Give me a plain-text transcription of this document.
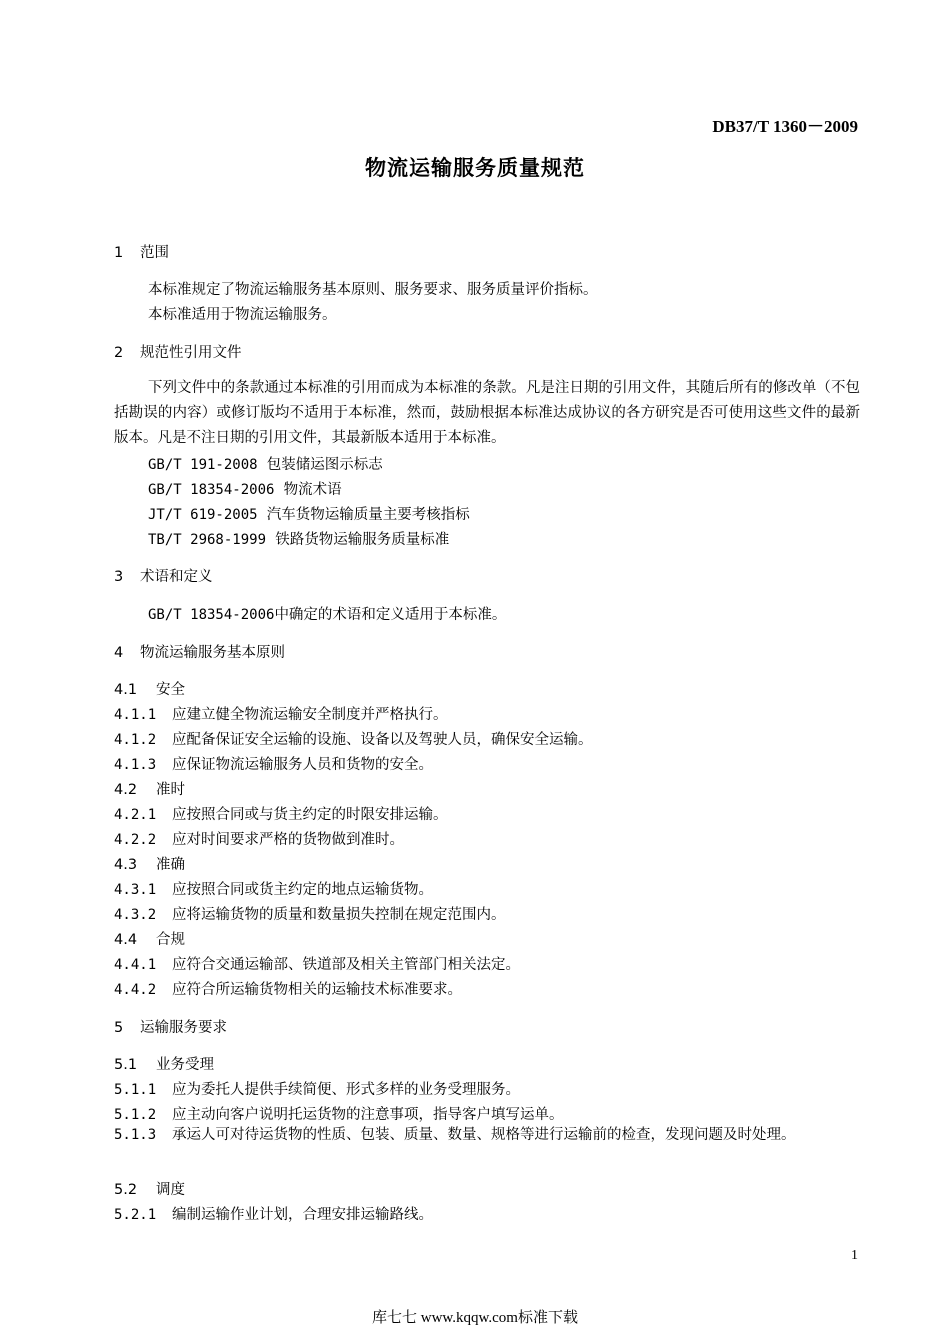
DB37/T 1360－2009
物流运输服务质量规范
1 范围
本标准规定了物流运输服务基本原则、服务要求、服务质量评价指标。
本标准适用于物流运输服务。
2 规范性引用文件
下列文件中的条款通过本标准的引用而成为本标准的条款。凡是注日期的引用文件，其随后所有的修改单（不包括勘误的内容）或修订版均不适用于本标准，然而，鼓励根据本标准达成协议的各方研究是否可使用这些文件的最新版本。凡是不注日期的引用文件，其最新版本适用于本标准。
GB/T 191-2008 包装储运图示标志
GB/T 18354-2006 物流术语
JT/T 619-2005 汽车货物运输质量主要考核指标
TB/T 2968-1999 铁路货物运输服务质量标准
3 术语和定义
GB/T 18354-2006中确定的术语和定义适用于本标准。
4 物流运输服务基本原则
4.1 安全
4.1.1 应建立健全物流运输安全制度并严格执行。
4.1.2 应配备保证安全运输的设施、设备以及驾驶人员，确保安全运输。
4.1.3 应保证物流运输服务人员和货物的安全。
4.2 准时
4.2.1 应按照合同或与货主约定的时限安排运输。
4.2.2 应对时间要求严格的货物做到准时。
4.3 准确
4.3.1 应按照合同或货主约定的地点运输货物。
4.3.2 应将运输货物的质量和数量损失控制在规定范围内。
4.4 合规
4.4.1 应符合交通运输部、铁道部及相关主管部门相关法定。
4.4.2 应符合所运输货物相关的运输技术标准要求。
5 运输服务要求
5.1 业务受理
5.1.1 应为委托人提供手续简便、形式多样的业务受理服务。
5.1.2 应主动向客户说明托运货物的注意事项，指导客户填写运单。
5.1.3 承运人可对待运货物的性质、包装、质量、数量、规格等进行运输前的检查，发现问题及时处理。
5.2 调度
5.2.1 编制运输作业计划，合理安排运输路线。
1
库七七 www.kqqw.com标准下载
